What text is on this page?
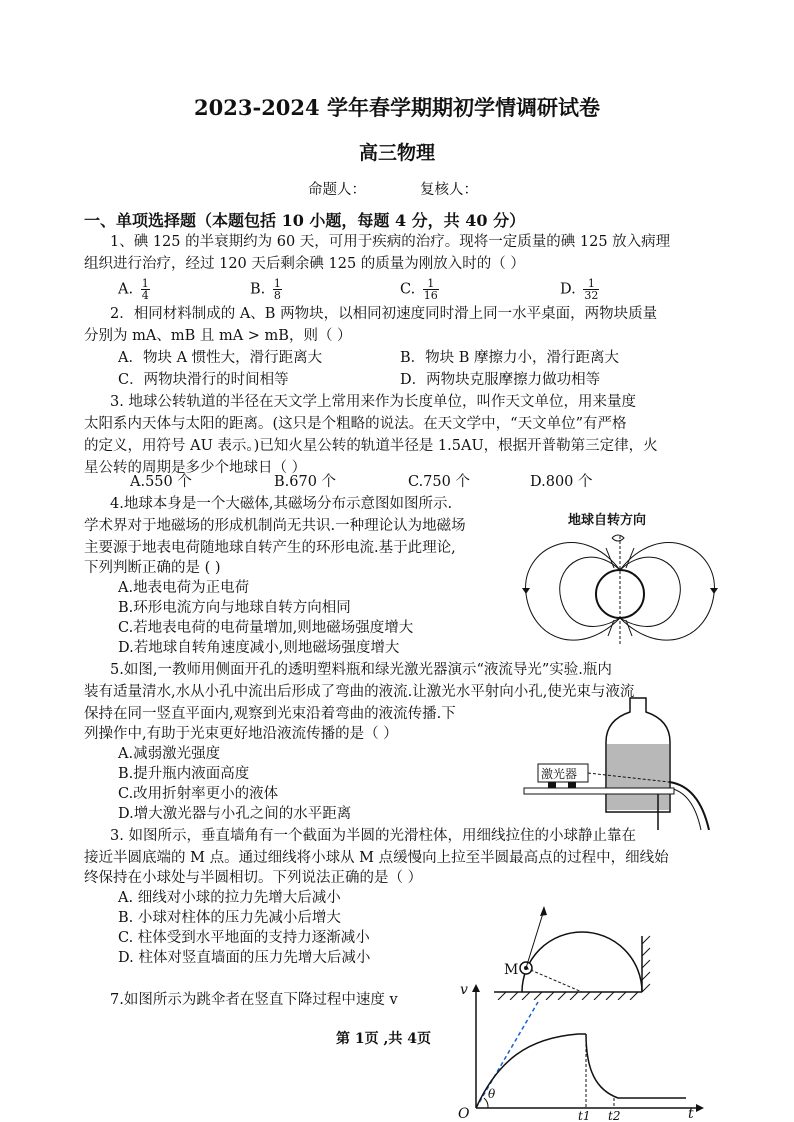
2023-2024 学年春学期期初学情调研试卷
高三物理
命题人：	复核人：
一、单项选择题（本题包括 10 小题，每题 4 分，共 40 分）
1、碘 125 的半衰期约为 60 天，可用于疾病的治疗。现将一定质量的碘 125 放入病理
组织进行治疗，经过 120 天后剩余碘 125 的质量为刚放入时的（ ）
A. $\frac{1}{4}$	B. $\frac{1}{8}$	C. $\frac{1}{16}$	D. $\frac{1}{32}$
2．相同材料制成的 A、B 两物块，以相同初速度同时滑上同一水平桌面，两物块质量
分别为 mA、mB 且 mA > mB，则（ ）
A．物块 A 惯性大，滑行距离大	B．物块 B 摩擦力小，滑行距离大
C．两物块滑行的时间相等	D．两物块克服摩擦力做功相等
3. 地球公转轨道的半径在天文学上常用来作为长度单位，叫作天文单位，用来量度
太阳系内天体与太阳的距离。(这只是个粗略的说法。在天文学中，“天文单位”有严格
的定义，用符号 AU 表示。)已知火星公转的轨道半径是 1.5AU，根据开普勒第三定律，火
星公转的周期是多少个地球日（ ）
A.550 个	B.670 个	C.750 个	D.800 个
4.地球本身是一个大磁体,其磁场分布示意图如图所示.
学术界对于地磁场的形成机制尚无共识.一种理论认为地磁场
主要源于地表电荷随地球自转产生的环形电流.基于此理论,
下列判断正确的是 ( )
A.地表电荷为正电荷
B.环形电流方向与地球自转方向相同
C.若地表电荷的电荷量增加,则地磁场强度增大
D.若地球自转角速度减小,则地磁场强度增大
地球自转方向
5.如图,一教师用侧面开孔的透明塑料瓶和绿光激光器演示“液流导光”实验.瓶内
装有适量清水,水从小孔中流出后形成了弯曲的液流.让激光水平射向小孔,使光束与液流
保持在同一竖直平面内,观察到光束沿着弯曲的液流传播.下
列操作中,有助于光束更好地沿液流传播的是（ ）
A.减弱激光强度
B.提升瓶内液面高度
C.改用折射率更小的液体
D.增大激光器与小孔之间的水平距离
激光器
3. 如图所示，垂直墙角有一个截面为半圆的光滑柱体，用细线拉住的小球静止靠在
接近半圆底端的 M 点。通过细线将小球从 M 点缓慢向上拉至半圆最高点的过程中，细线始
终保持在小球处与半圆相切。下列说法正确的是（ ）
A. 细线对小球的拉力先增大后减小
B. 小球对柱体的压力先减小后增大
C. 柱体受到水平地面的支持力逐渐减小
D. 柱体对竖直墙面的压力先增大后减小
M
7.如图所示为跳伞者在竖直下降过程中速度 v
v
t
O
θ
t1 t2
第 1页 ,共 4页
